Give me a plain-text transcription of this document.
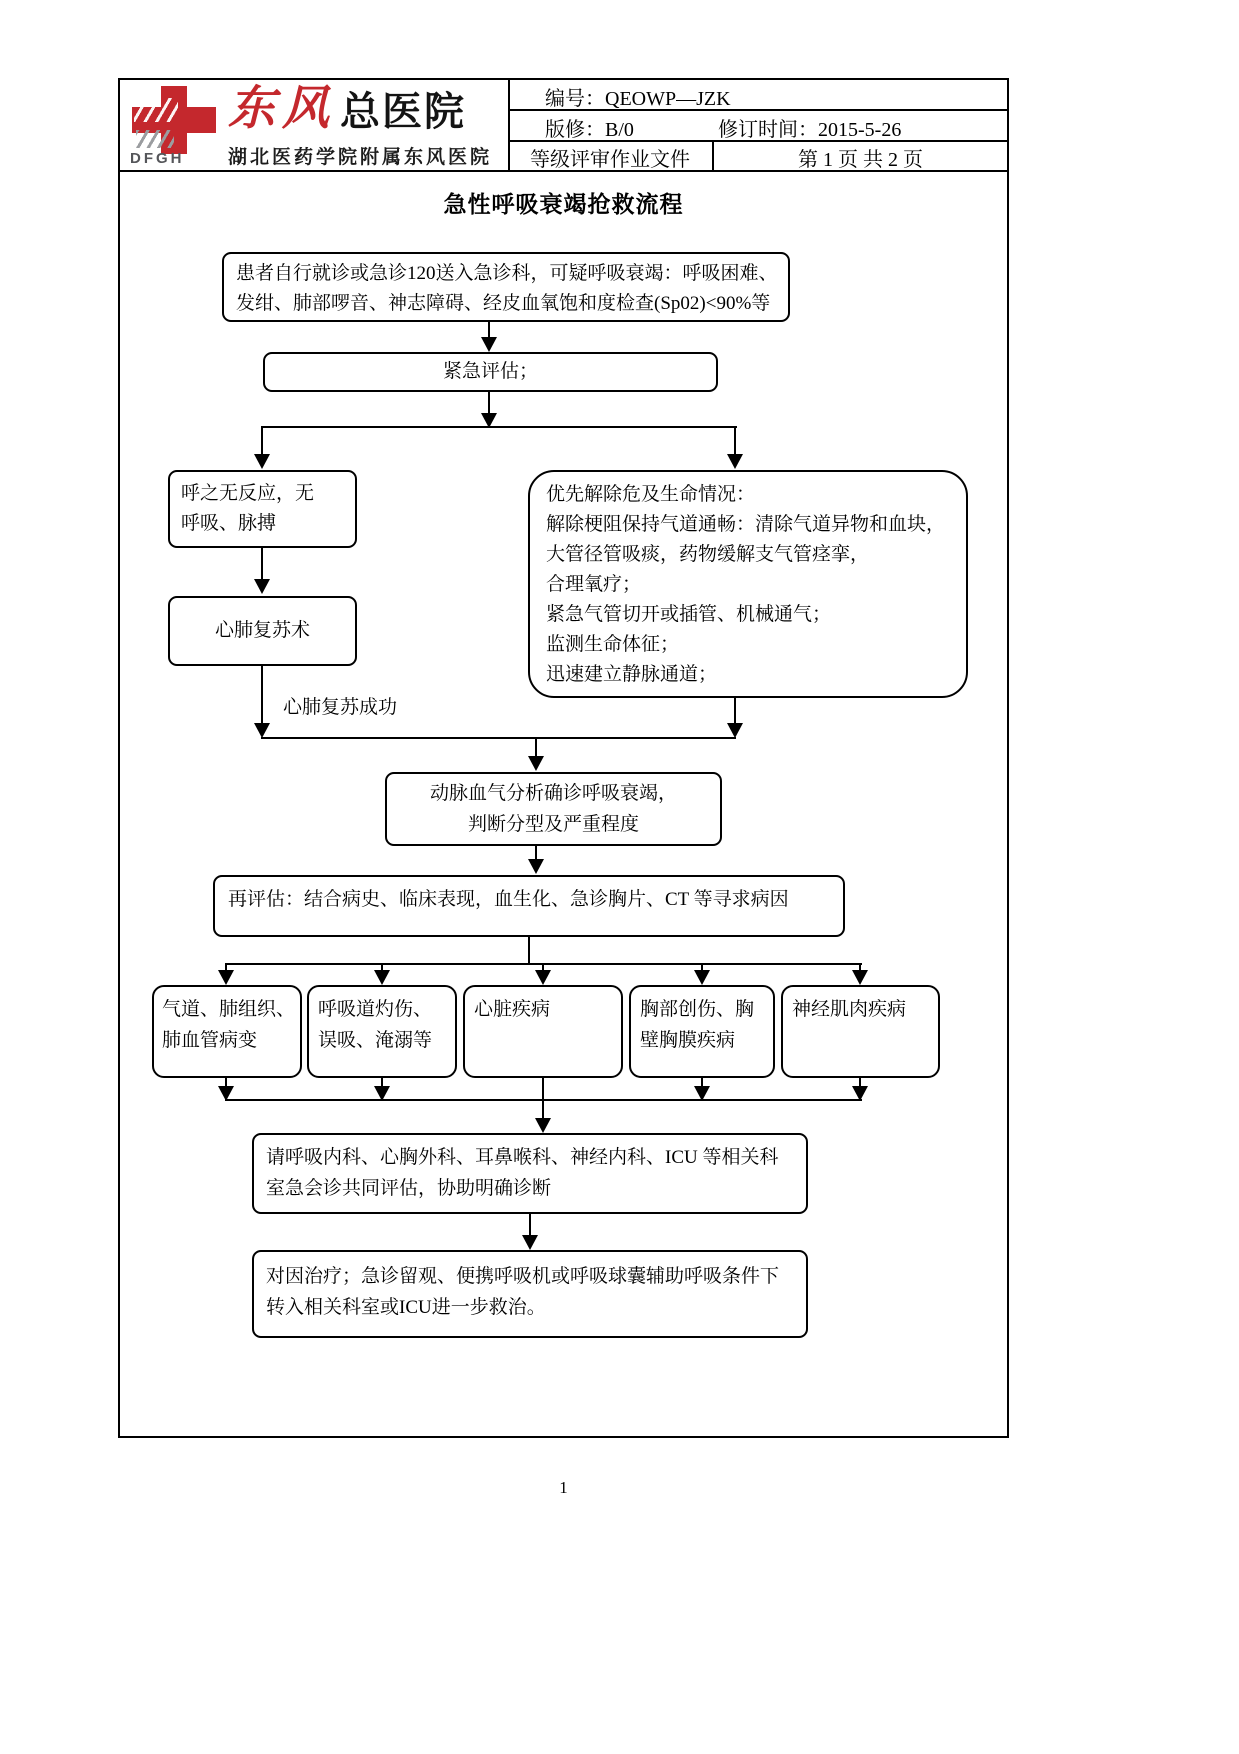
DFGH
东风 总医院
湖北医药学院附属东风医院
编号：QEOWP—JZK
版修：B/0	修订时间：2015-5-26
等级评审作业文件	第 1 页 共 2 页
急性呼吸衰竭抢救流程
患者自行就诊或急诊120送入急诊科，可疑呼吸衰竭：呼吸困难、
发绀、肺部啰音、神志障碍、经皮血氧饱和度检查(Sp02)<90%等
紧急评估；
呼之无反应，无
呼吸、脉搏
优先解除危及生命情况：
解除梗阻保持气道通畅：清除气道异物和血块，
大管径管吸痰，药物缓解支气管痉挛，
合理氧疗；
紧急气管切开或插管、机械通气；
监测生命体征；
迅速建立静脉通道；
心肺复苏术
心肺复苏成功
动脉血气分析确诊呼吸衰竭，
判断分型及严重程度
再评估：结合病史、临床表现，血生化、急诊胸片、CT 等寻求病因
气道、肺组织、
肺血管病变
呼吸道灼伤、
误吸、淹溺等
心脏疾病	胸部创伤、胸
壁胸膜疾病
神经肌肉疾病
请呼吸内科、心胸外科、耳鼻喉科、神经内科、ICU 等相关科
室急会诊共同评估，协助明确诊断
对因治疗；急诊留观、便携呼吸机或呼吸球囊辅助呼吸条件下
转入相关科室或ICU进一步救治。
1
